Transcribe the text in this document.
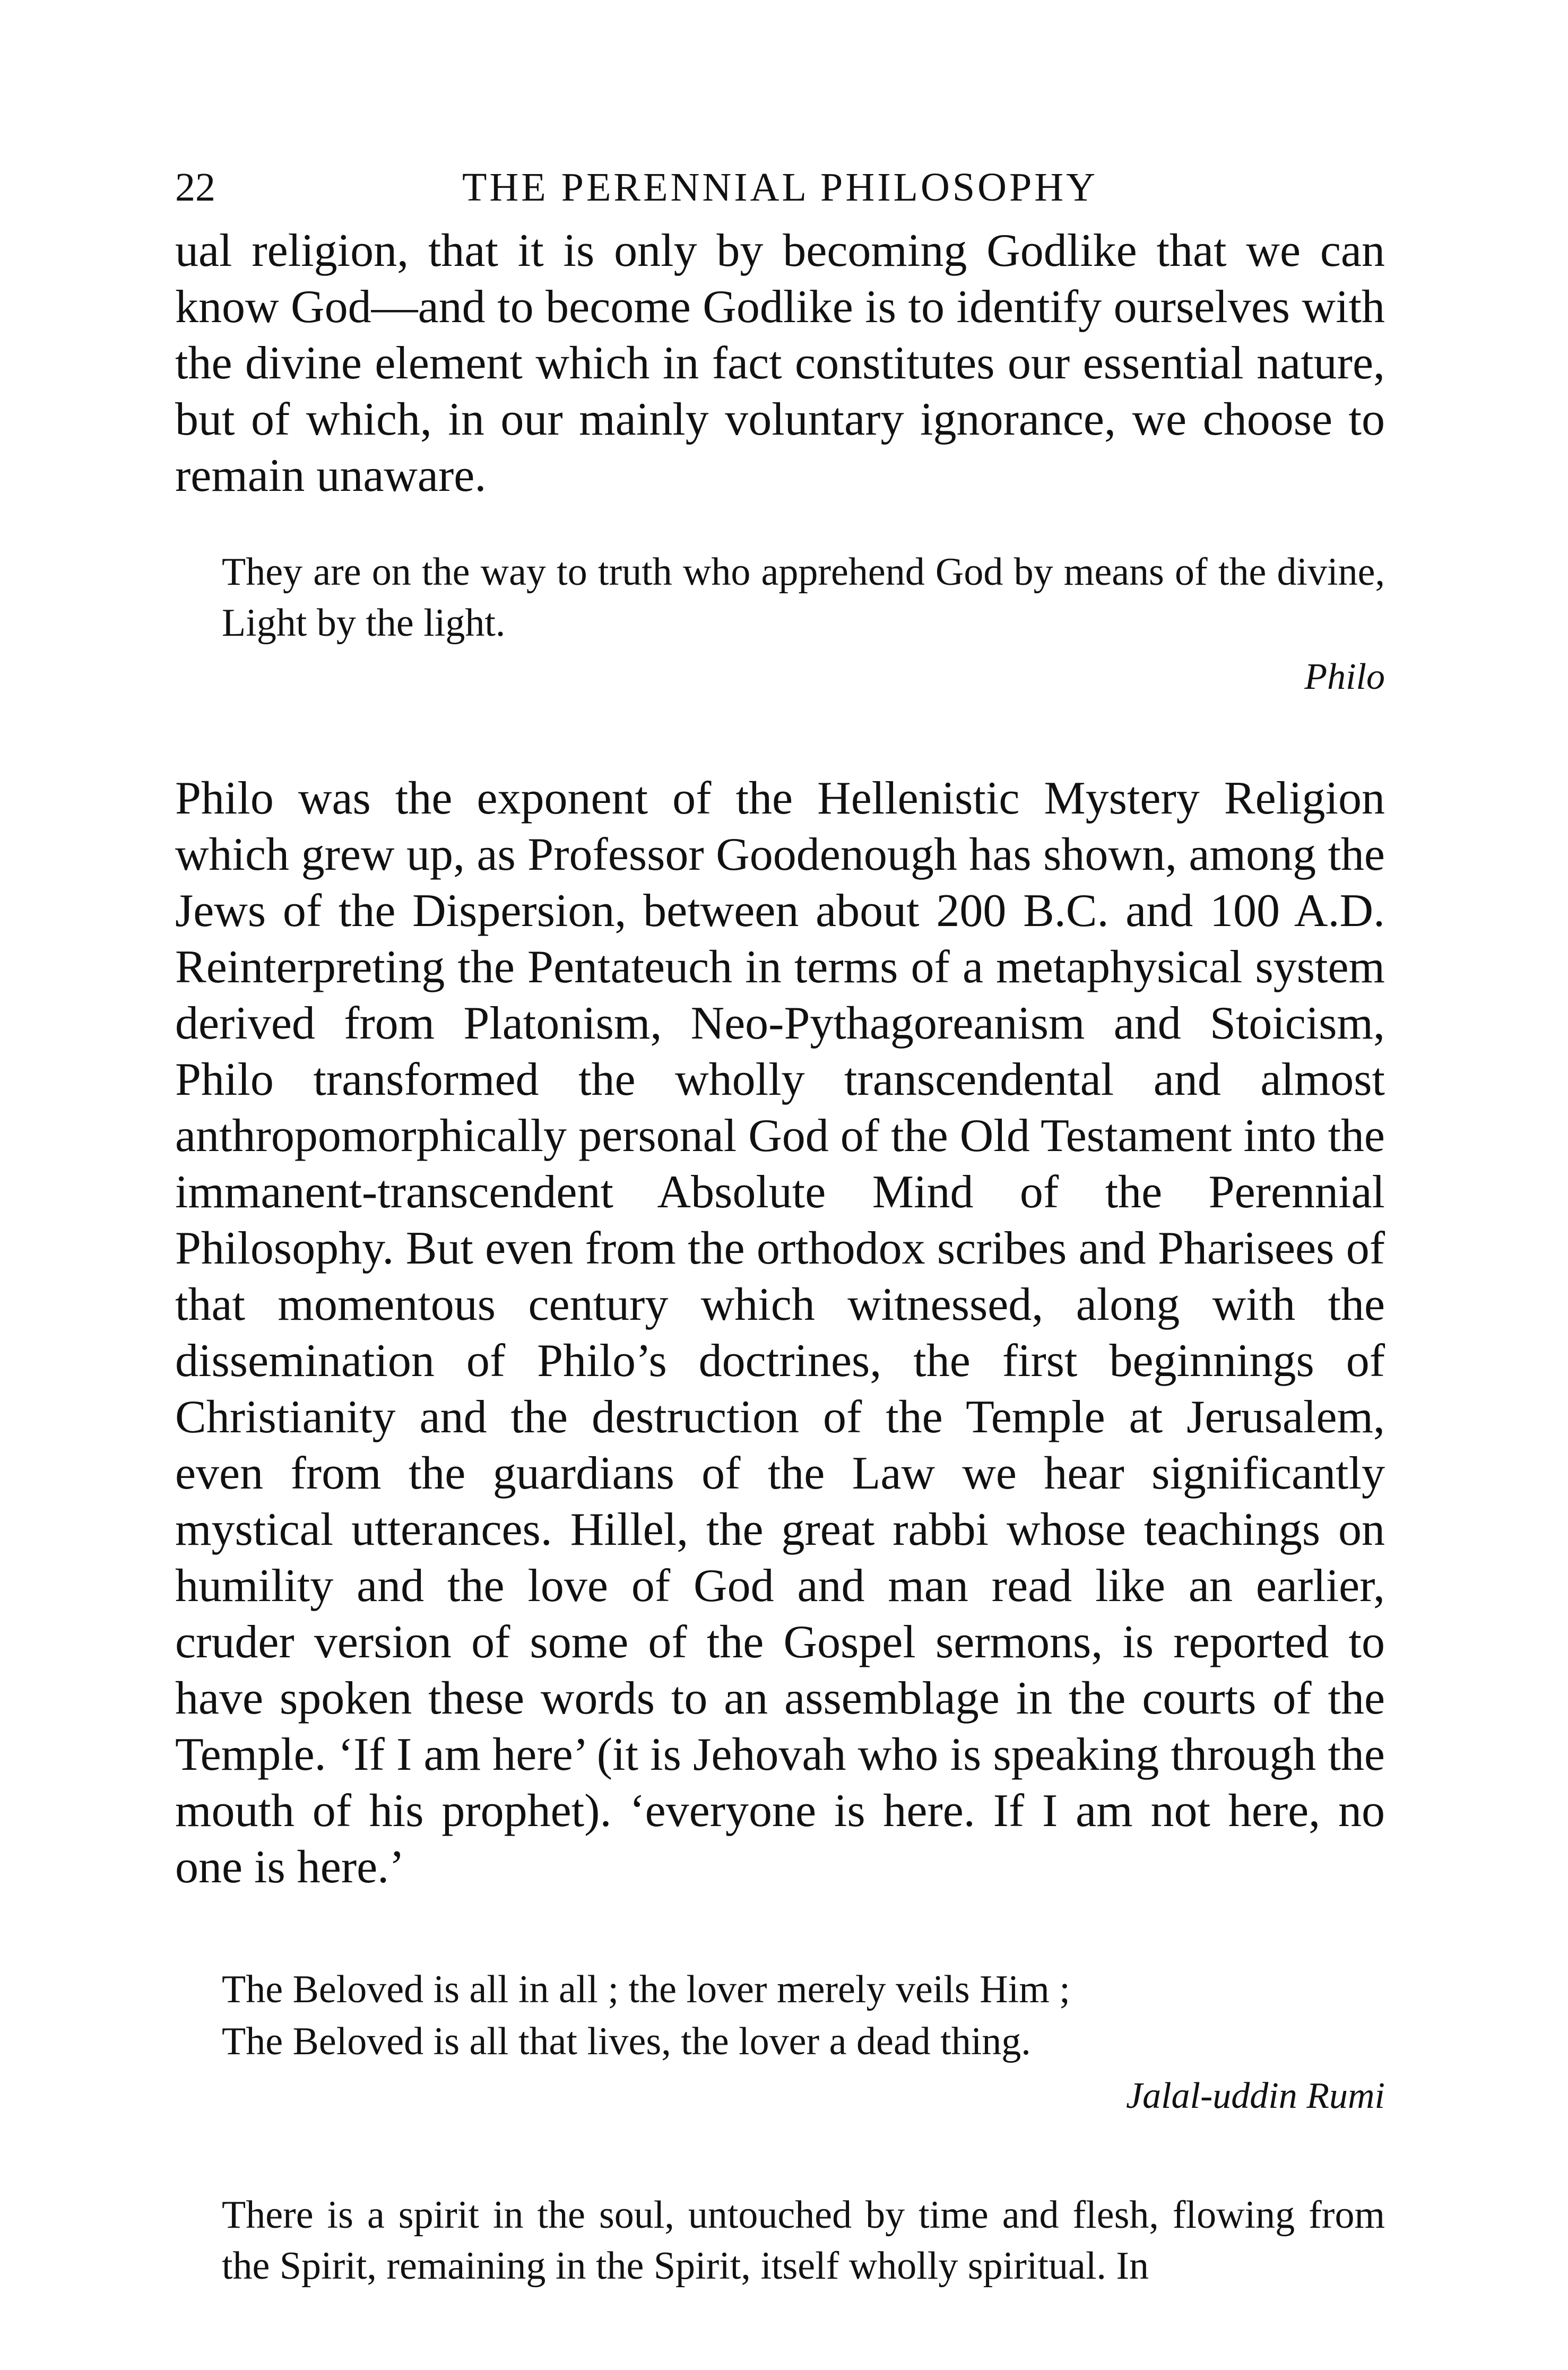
22	THE PERENNIAL PHILOSOPHY

ual religion, that it is only by becoming Godlike that we can know God—and to become Godlike is to identify ourselves with the divine element which in fact constitutes our essential nature, but of which, in our mainly voluntary ignorance, we choose to remain unaware.

They are on the way to truth who apprehend God by means of the divine, Light by the light.

Philo

Philo was the exponent of the Hellenistic Mystery Religion which grew up, as Professor Goodenough has shown, among the Jews of the Dispersion, between about 200 B.C. and 100 A.D. Reinterpreting the Pentateuch in terms of a metaphysical system derived from Platonism, Neo-Pythagoreanism and Stoicism, Philo transformed the wholly transcendental and almost anthropomorphically personal God of the Old Testament into the immanent-transcendent Absolute Mind of the Perennial Philosophy. But even from the orthodox scribes and Pharisees of that momentous century which witnessed, along with the dissemination of Philo’s doctrines, the first beginnings of Christianity and the destruction of the Temple at Jerusalem, even from the guardians of the Law we hear significantly mystical utterances. Hillel, the great rabbi whose teachings on humility and the love of God and man read like an earlier, cruder version of some of the Gospel sermons, is reported to have spoken these words to an assemblage in the courts of the Temple. ‘If I am here’ (it is Jehovah who is speaking through the mouth of his prophet). ‘everyone is here. If I am not here, no one is here.’

The Beloved is all in all ; the lover merely veils Him ;

The Beloved is all that lives, the lover a dead thing.

Jalal-uddin Rumi

There is a spirit in the soul, untouched by time and flesh, flowing from the Spirit, remaining in the Spirit, itself wholly spiritual. In
